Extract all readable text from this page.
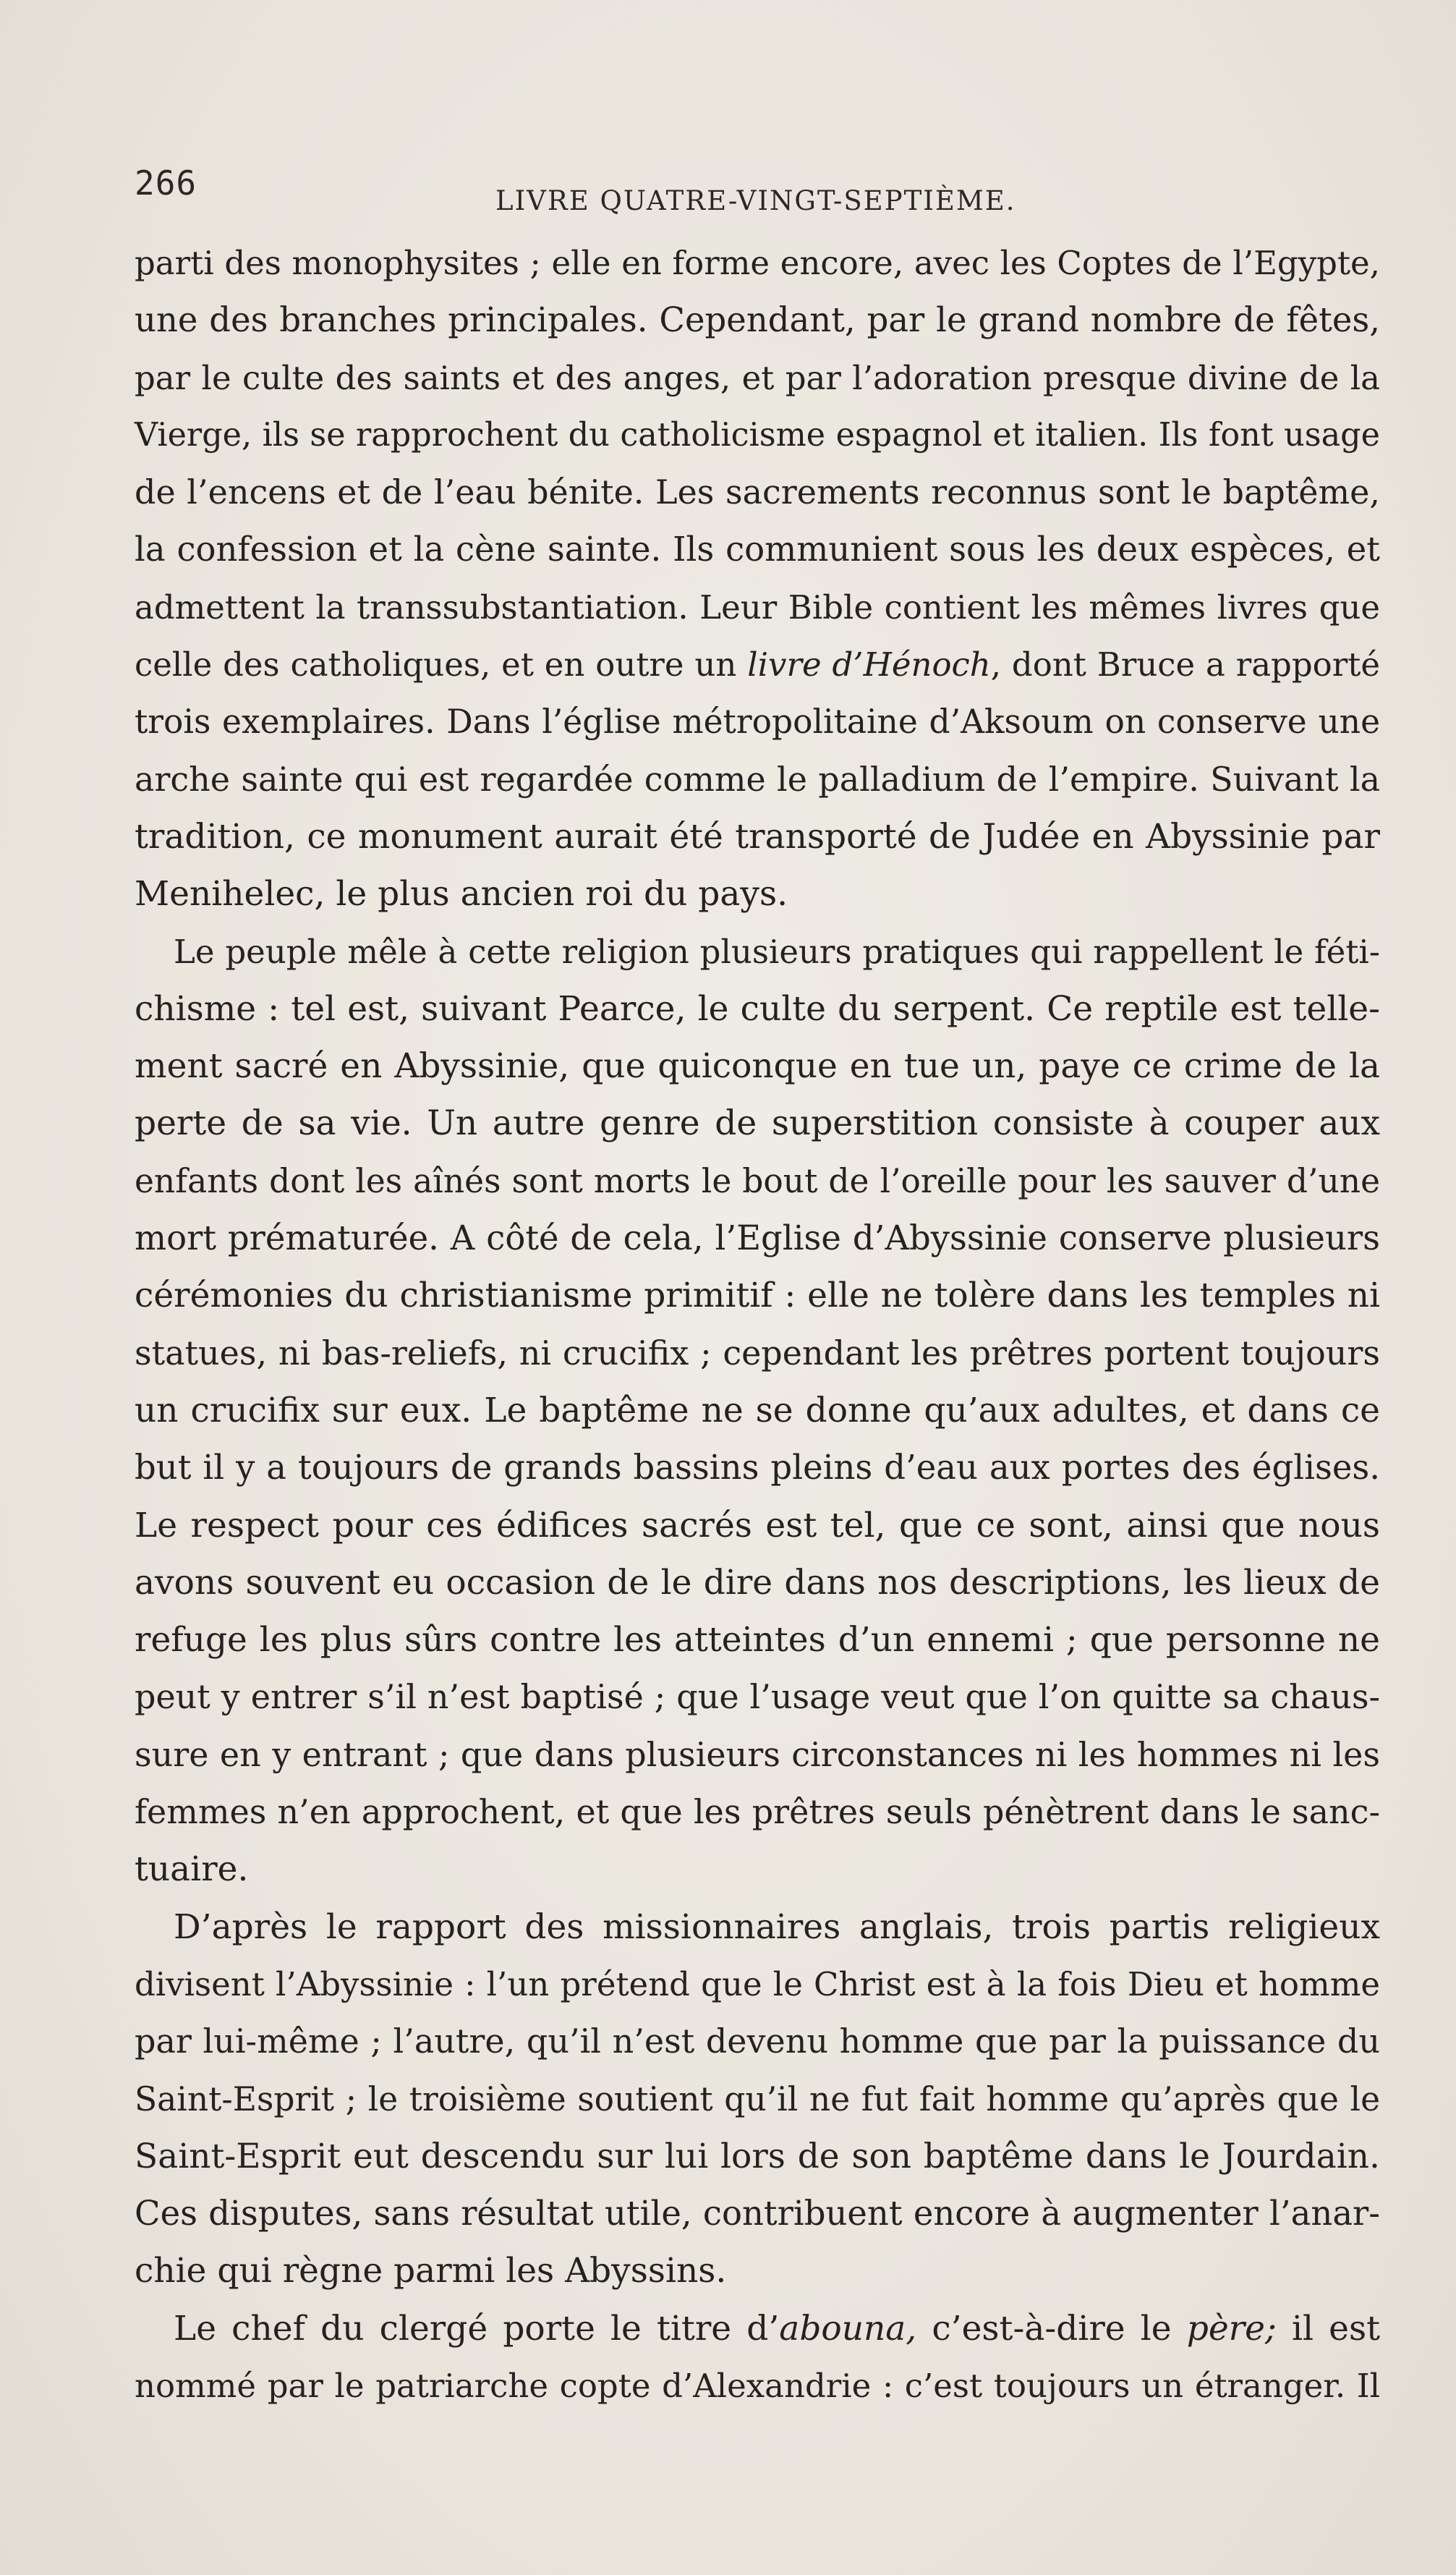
266	LIVRE QUATRE-VINGT-SEPTIÈME.
parti des monophysites ; elle en forme encore, avec les Coptes de l’Egypte,
une des branches principales. Cependant, par le grand nombre de fêtes,
par le culte des saints et des anges, et par l’adoration presque divine de la
Vierge, ils se rapprochent du catholicisme espagnol et italien. Ils font usage
de l’encens et de l’eau bénite. Les sacrements reconnus sont le baptême,
la confession et la cène sainte. Ils communient sous les deux espèces, et
admettent la transsubstantiation. Leur Bible contient les mêmes livres que
celle des catholiques, et en outre un livre d’Hénoch, dont Bruce a rapporté
trois exemplaires. Dans l’église métropolitaine d’Aksoum on conserve une
arche sainte qui est regardée comme le palladium de l’empire. Suivant la
tradition, ce monument aurait été transporté de Judée en Abyssinie par
Menihelec, le plus ancien roi du pays.
Le peuple mêle à cette religion plusieurs pratiques qui rappellent le féti-
chisme : tel est, suivant Pearce, le culte du serpent. Ce reptile est telle-
ment sacré en Abyssinie, que quiconque en tue un, paye ce crime de la
perte de sa vie. Un autre genre de superstition consiste à couper aux
enfants dont les aînés sont morts le bout de l’oreille pour les sauver d’une
mort prématurée. A côté de cela, l’Eglise d’Abyssinie conserve plusieurs
cérémonies du christianisme primitif : elle ne tolère dans les temples ni
statues, ni bas-reliefs, ni crucifix ; cependant les prêtres portent toujours
un crucifix sur eux. Le baptême ne se donne qu’aux adultes, et dans ce
but il y a toujours de grands bassins pleins d’eau aux portes des églises.
Le respect pour ces édifices sacrés est tel, que ce sont, ainsi que nous
avons souvent eu occasion de le dire dans nos descriptions, les lieux de
refuge les plus sûrs contre les atteintes d’un ennemi ; que personne ne
peut y entrer s’il n’est baptisé ; que l’usage veut que l’on quitte sa chaus-
sure en y entrant ; que dans plusieurs circonstances ni les hommes ni les
femmes n’en approchent, et que les prêtres seuls pénètrent dans le sanc-
tuaire.
D’après le rapport des missionnaires anglais, trois partis religieux
divisent l’Abyssinie : l’un prétend que le Christ est à la fois Dieu et homme
par lui-même ; l’autre, qu’il n’est devenu homme que par la puissance du
Saint-Esprit ; le troisième soutient qu’il ne fut fait homme qu’après que le
Saint-Esprit eut descendu sur lui lors de son baptême dans le Jourdain.
Ces disputes, sans résultat utile, contribuent encore à augmenter l’anar-
chie qui règne parmi les Abyssins.
Le chef du clergé porte le titre d’abouna, c’est-à-dire le père; il est
nommé par le patriarche copte d’Alexandrie : c’est toujours un étranger. Il
